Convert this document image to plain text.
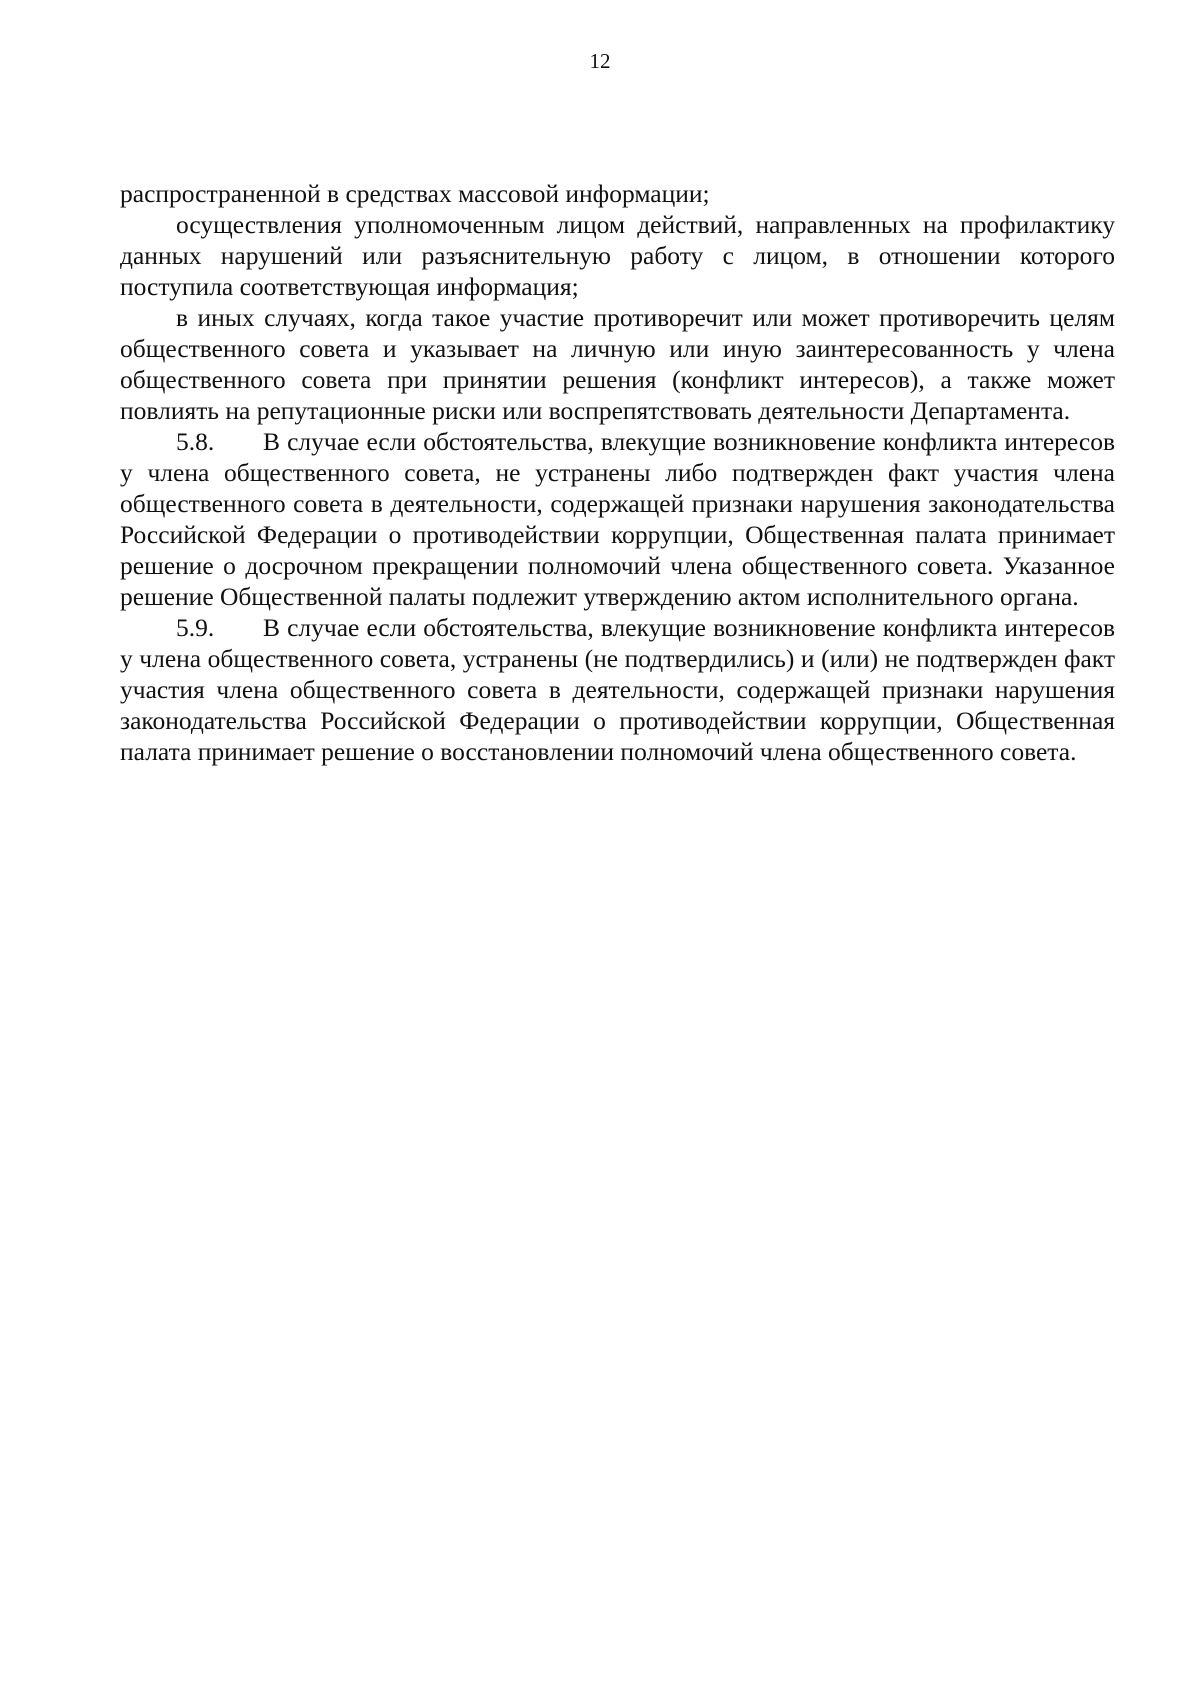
12

распространенной в средствах массовой информации;

осуществления уполномоченным лицом действий, направленных на профилактику данных нарушений или разъяснительную работу с лицом, в отношении которого поступила соответствующая информация;

в иных случаях, когда такое участие противоречит или может противоречить целям общественного совета и указывает на личную или иную заинтересованность у члена общественного совета при принятии решения (конфликт интересов), а также может повлиять на репутационные риски или воспрепятствовать деятельности Департамента.

5.8. В случае если обстоятельства, влекущие возникновение конфликта интересов у члена общественного совета, не устранены либо подтвержден факт участия члена общественного совета в деятельности, содержащей признаки нарушения законодательства Российской Федерации о противодействии коррупции, Общественная палата принимает решение о досрочном прекращении полномочий члена общественного совета. Указанное решение Общественной палаты подлежит утверждению актом исполнительного органа.

5.9. В случае если обстоятельства, влекущие возникновение конфликта интересов у члена общественного совета, устранены (не подтвердились) и (или) не подтвержден факт участия члена общественного совета в деятельности, содержащей признаки нарушения законодательства Российской Федерации о противодействии коррупции, Общественная палата принимает решение о восстановлении полномочий члена общественного совета.
